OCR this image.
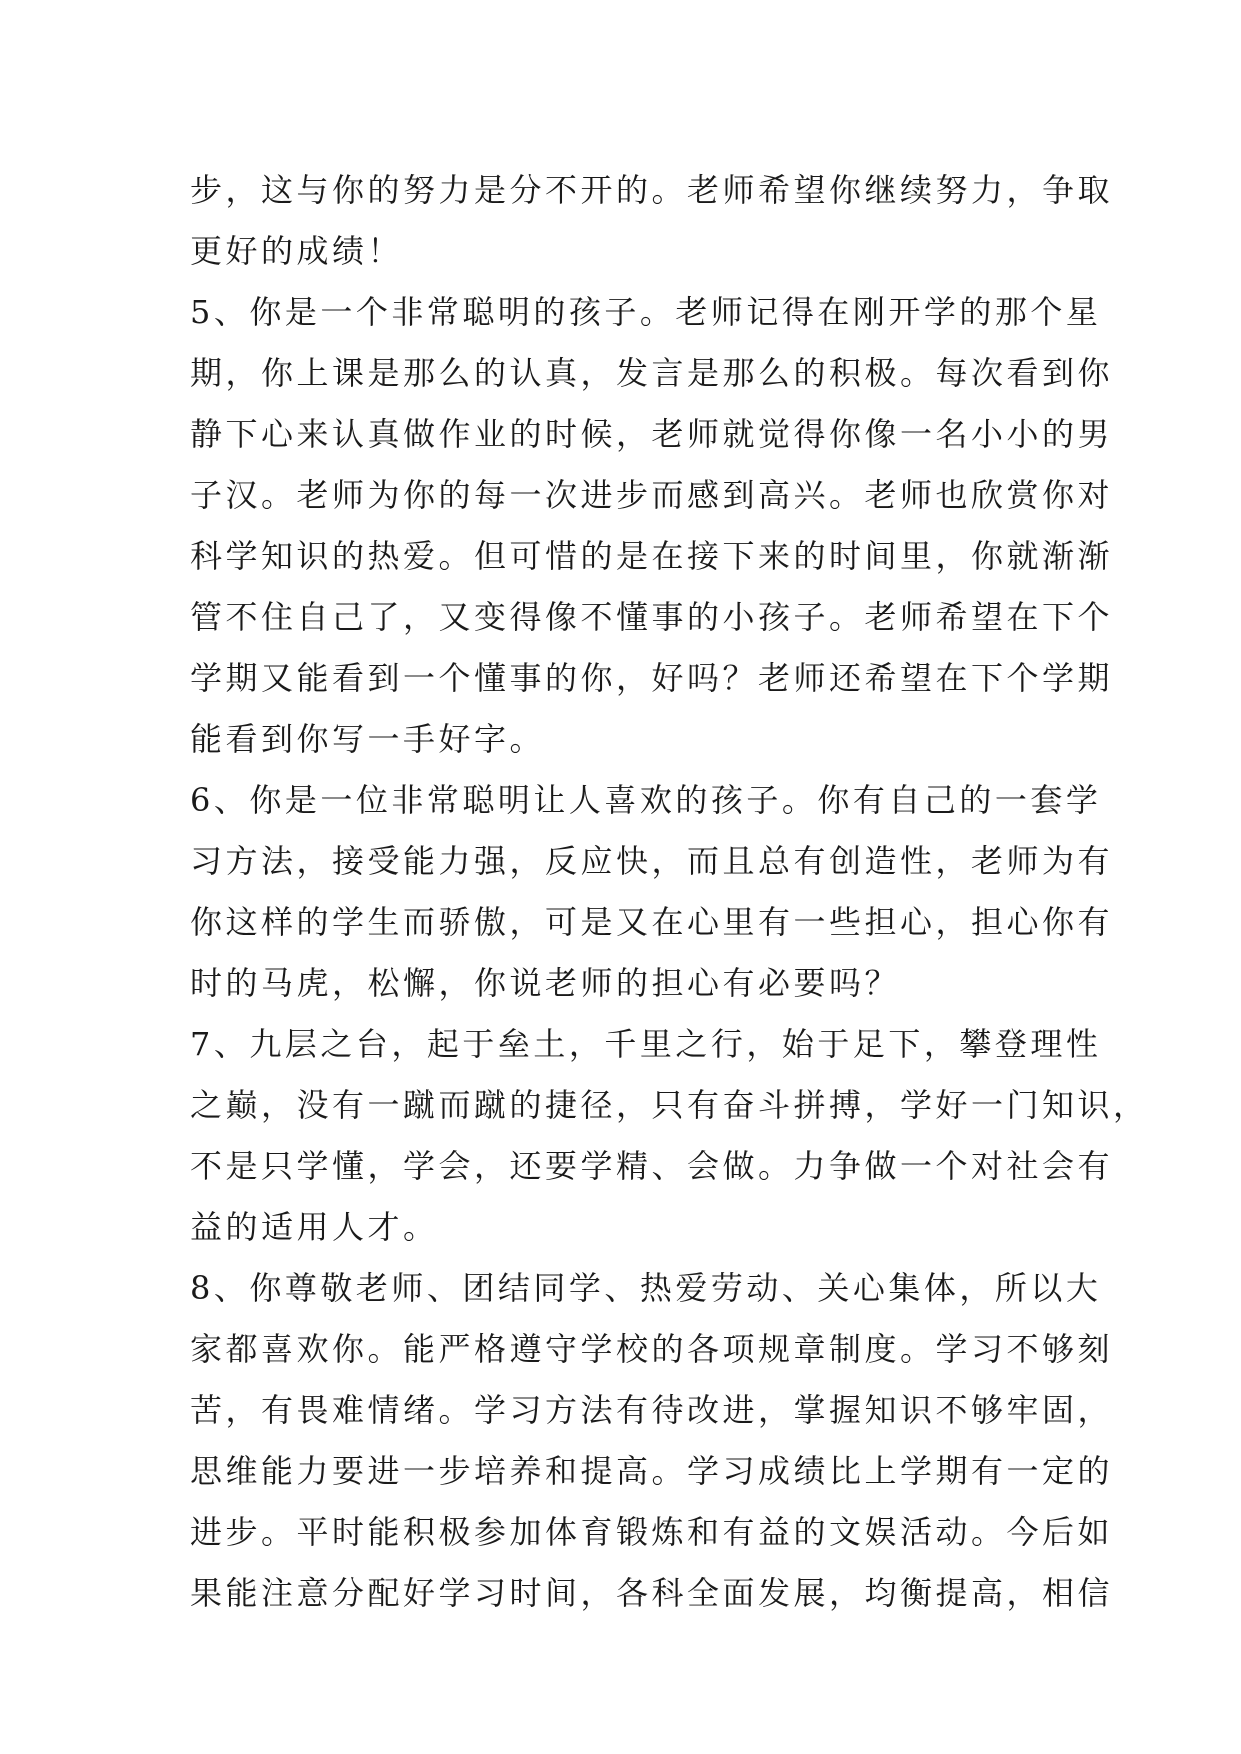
步，这与你的努力是分不开的。老师希望你继续努力，争取
更好的成绩！
5、你是一个非常聪明的孩子。老师记得在刚开学的那个星
期，你上课是那么的认真，发言是那么的积极。每次看到你
静下心来认真做作业的时候，老师就觉得你像一名小小的男
子汉。老师为你的每一次进步而感到高兴。老师也欣赏你对
科学知识的热爱。但可惜的是在接下来的时间里，你就渐渐
管不住自己了，又变得像不懂事的小孩子。老师希望在下个
学期又能看到一个懂事的你，好吗？老师还希望在下个学期
能看到你写一手好字。
6、你是一位非常聪明让人喜欢的孩子。你有自己的一套学
习方法，接受能力强，反应快，而且总有创造性，老师为有
你这样的学生而骄傲，可是又在心里有一些担心，担心你有
时的马虎，松懈，你说老师的担心有必要吗？
7、九层之台，起于垒土，千里之行，始于足下，攀登理性
之巅，没有一蹴而蹴的捷径，只有奋斗拼搏，学好一门知识，
不是只学懂，学会，还要学精、会做。力争做一个对社会有
益的适用人才。
8、你尊敬老师、团结同学、热爱劳动、关心集体，所以大
家都喜欢你。能严格遵守学校的各项规章制度。学习不够刻
苦，有畏难情绪。学习方法有待改进，掌握知识不够牢固，
思维能力要进一步培养和提高。学习成绩比上学期有一定的
进步。平时能积极参加体育锻炼和有益的文娱活动。今后如
果能注意分配好学习时间，各科全面发展，均衡提高，相信
